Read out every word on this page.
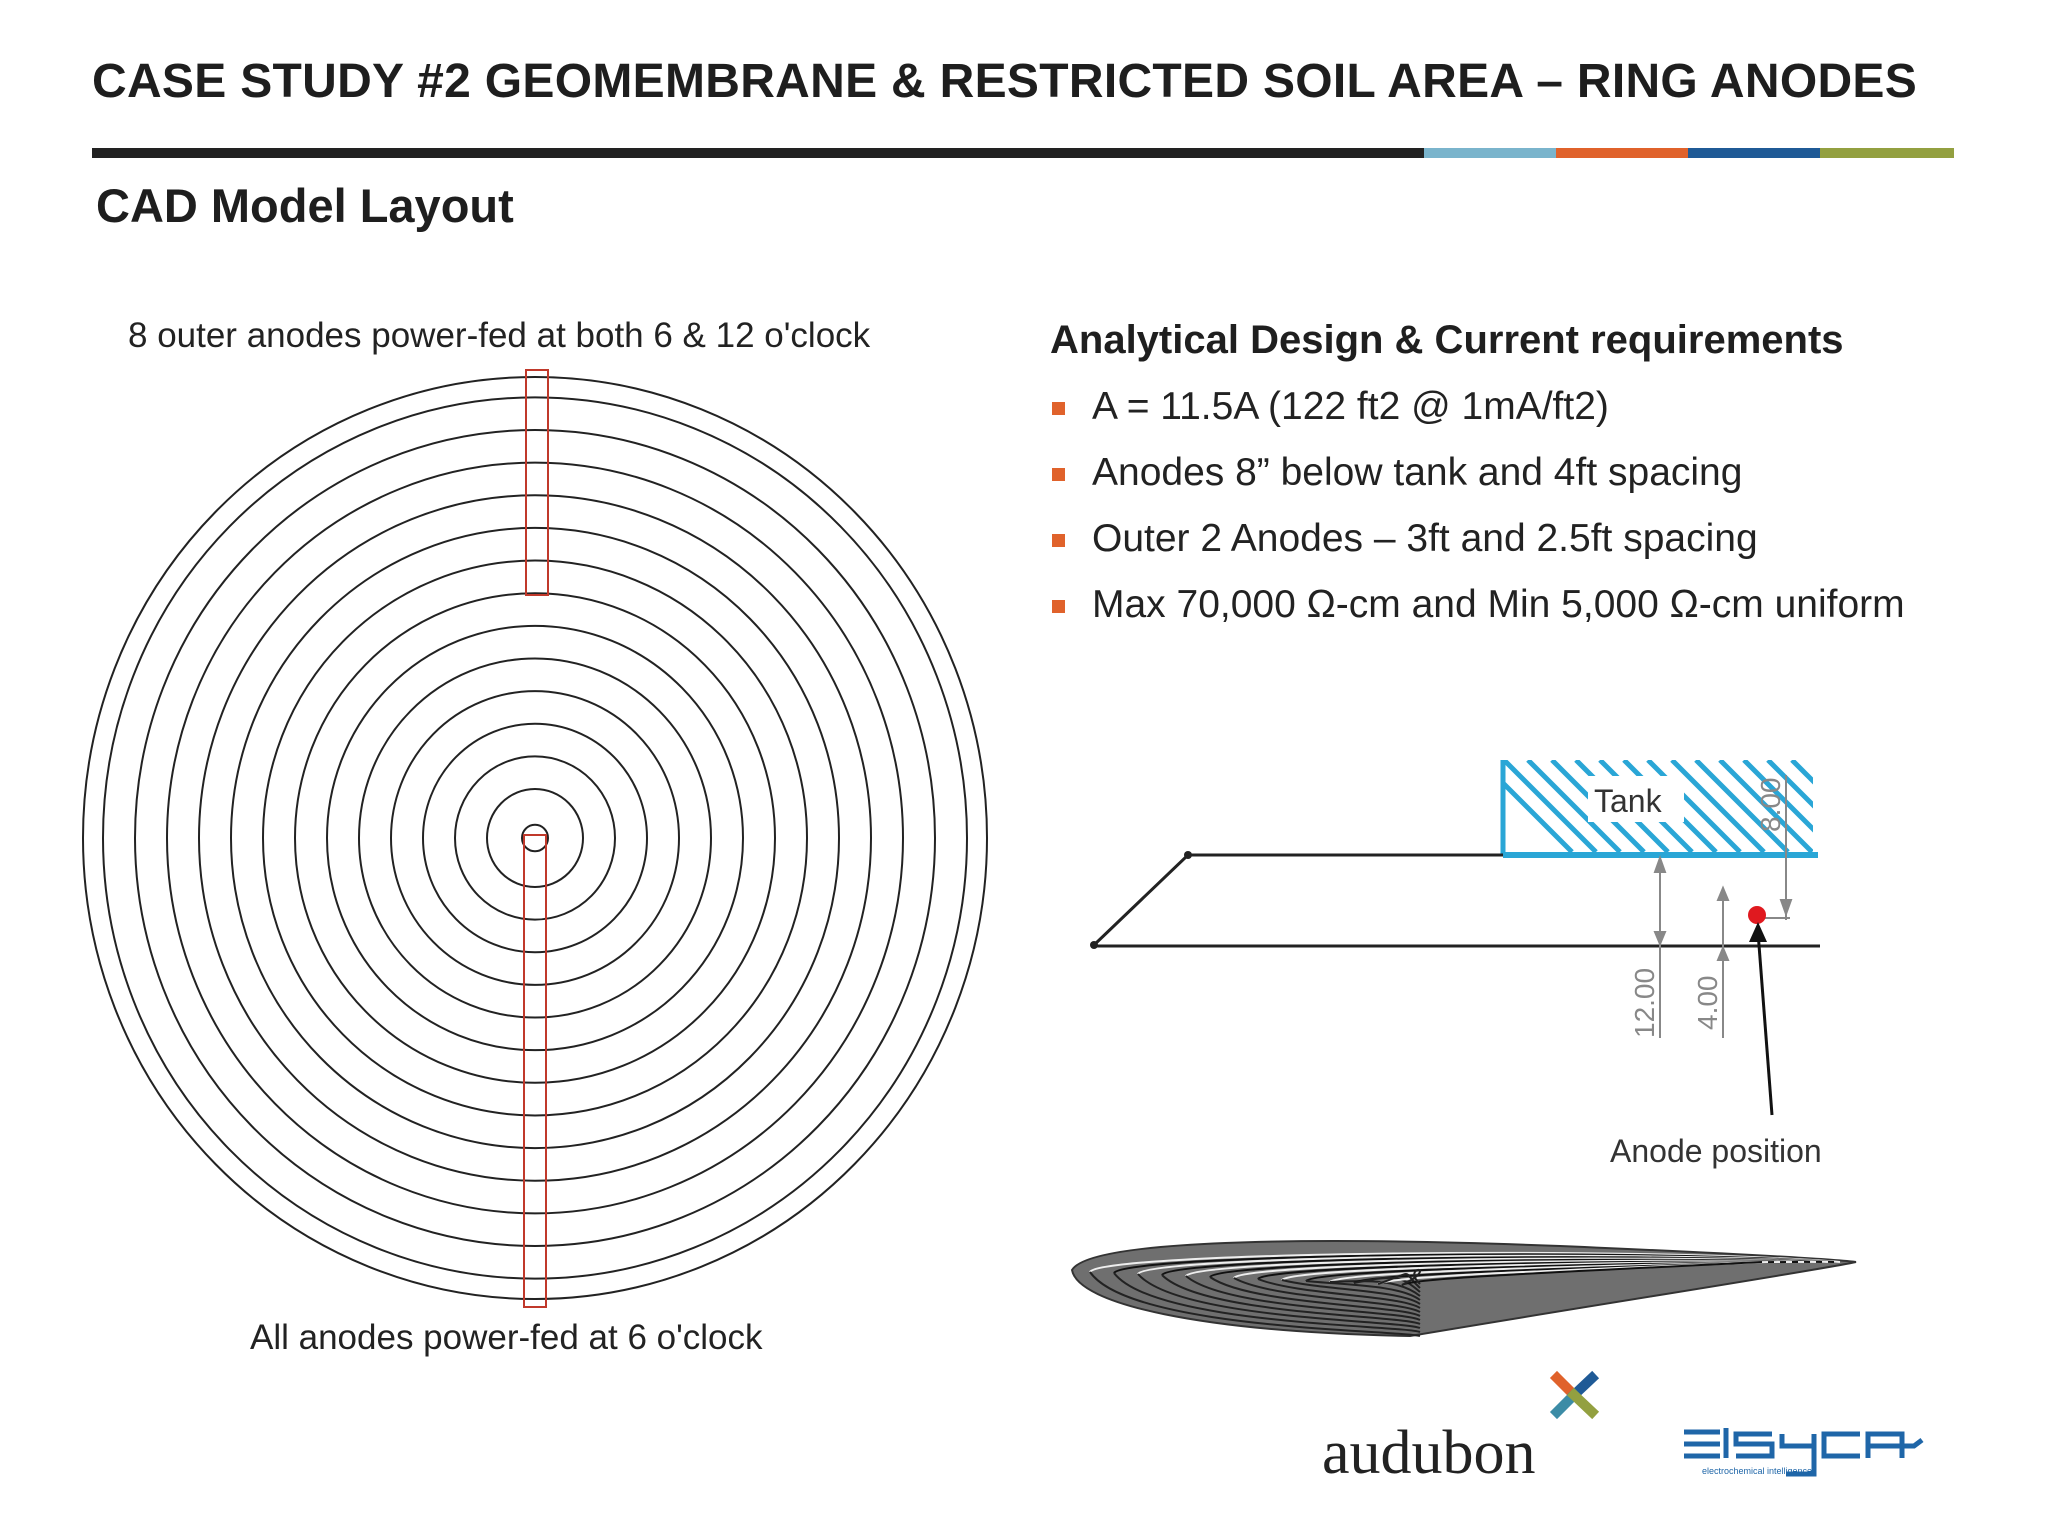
CASE STUDY #2 GEOMEMBRANE & RESTRICTED SOIL AREA – RING ANODES
CAD Model Layout
8 outer anodes power-fed at both 6 & 12 o'clock
All anodes power-fed at 6 o'clock
Analytical Design & Current requirements
A = 11.5A (122 ft2 @ 1mA/ft2)
Anodes 8” below tank and 4ft spacing
Outer 2 Anodes – 3ft and 2.5ft spacing
Max 70,000 Ω-cm and Min 5,000 Ω-cm uniform
Tank	8.00
12.00 4.00
Anode position
electrochemical intelligence
audubon
